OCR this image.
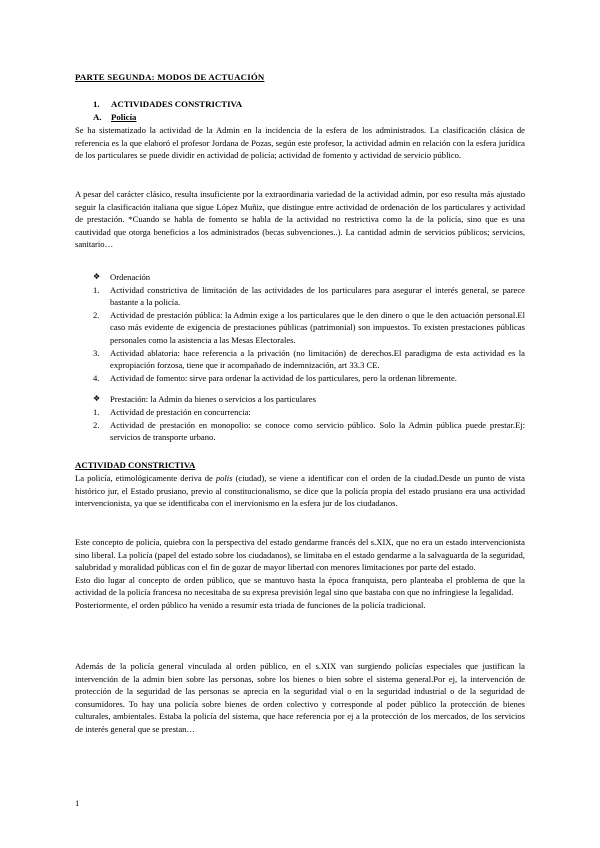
PARTE SEGUNDA: MODOS DE ACTUACIÓN

1. ACTIVIDADES CONSTRICTIVA

A. Policía

Se ha sistematizado la actividad de la Admin en la incidencia de la esfera de los administrados. La clasificación clásica de referencia es la que elaboró el profesor Jordana de Pozas, según este profesor, la actividad admin en relación con la esfera jurídica de los particulares se puede dividir en actividad de policía; actividad de fomento y actividad de servicio público.

A pesar del carácter clásico, resulta insuficiente por la extraordinaria variedad de la actividad admin, por eso resulta más ajustado seguir la clasificación italiana que sigue López Muñiz, que distingue entre actividad de ordenación de los particulares y actividad de prestación. *Cuando se habla de fomento se habla de la actividad no restrictiva como la de la policía, sino que es una cautividad que otorga beneficios a los administrados (becas subvenciones..). La cantidad admin de servicios públicos; servicios, sanitario…

❖	Ordenación
1.	Actividad constrictiva de limitación de las actividades de los particulares para asegurar el interés general, se parece bastante a la policía.
2.	Actividad de prestación pública: la Admin exige a los particulares que le den dinero o que le den actuación personal.El caso más evidente de exigencia de prestaciones públicas (patrimonial) son impuestos. To existen prestaciones públicas personales como la asistencia a las Mesas Electorales.
3.	Actividad ablatoria: hace referencia a la privación (no limitación) de derechos.El paradigma de esta actividad es la expropiación forzosa, tiene que ir acompañado de indemnización, art 33.3 CE.
4.	Actividad de fomento: sirve para ordenar la actividad de los particulares, pero la ordenan libremente.
❖	Prestación: la Admin da bienes o servicios a los particulares
1.	Actividad de prestación en concurrencia:
2.	Actividad de prestación en monopolio: se conoce como servicio público. Solo la Admin pública puede prestar.Ej: servicios de transporte urbano.

ACTIVIDAD CONSTRICTIVA

La policía, etimológicamente deriva de polis (ciudad), se viene a identificar con el orden de la ciudad.Desde un punto de vista histórico jur, el Estado prusiano, previo al constitucionalismo, se dice que la policía propia del estado prusiano era una actividad intervencionista, ya que se identificaba con el inervionismo en la esfera jur de los ciudadanos.

Este concepto de policía, quiebra con la perspectiva del estado gendarme francés del s.XIX, que no era un estado intervencionista sino liberal. La policía (papel del estado sobre los ciudadanos), se limitaba en el estado gendarme a la salvaguarda de la seguridad, salubridad y moralidad públicas con el fin de gozar de mayor libertad con menores limitaciones por parte del estado.
Esto dio lugar al concepto de orden público, que se mantuvo hasta la época franquista, pero planteaba el problema de que la actividad de la policía francesa no necesitaba de su expresa previsión legal sino que bastaba con que no infringiese la legalidad.
Posteriormente, el orden público ha venido a resumir esta triada de funciones de la policía tradicional.

Además de la policía general vinculada al orden público, en el s.XIX van surgiendo policías especiales que justifican la intervención de la admin bien sobre las personas, sobre los bienes o bien sobre el sistema general.Por ej, la intervención de protección de la seguridad de las personas se aprecia en la seguridad vial o en la seguridad industrial o de la seguridad de consumidores. To hay una policía sobre bienes de orden colectivo y corresponde al poder público la protección de bienes culturales, ambientales. Estaba la policía del sistema, que hace referencia por ej a la protección de los mercados, de los servicios de interés general que se prestan…

1
